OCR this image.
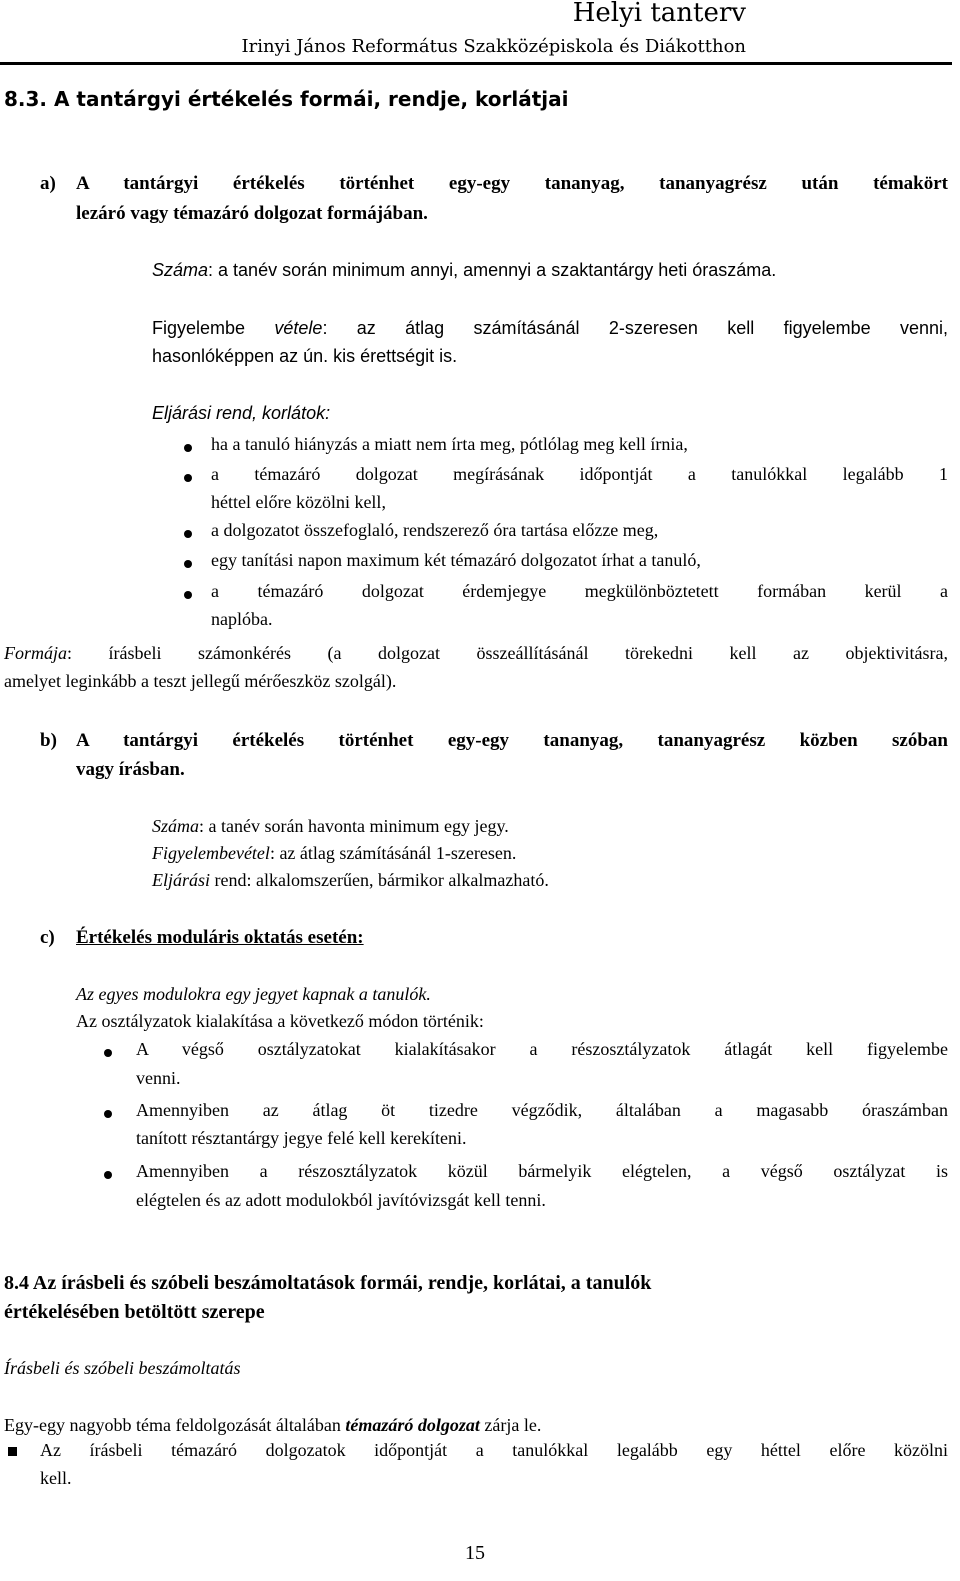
Helyi tanterv
Irinyi János Református Szakközépiskola és Diákotthon
8.3. A tantárgyi értékelés formái, rendje, korlátjai
a) A tantárgyi értékelés történhet egy-egy tananyag, tananyagrész után témakört
lezáró vagy témazáró dolgozat formájában.
Száma: a tanév során minimum annyi, amennyi a szaktantárgy heti óraszáma.
Figyelembe vétele: az átlag számításánál 2-szeresen kell figyelembe venni,
hasonlóképpen az ún. kis érettségit is.
Eljárási rend, korlátok:
ha a tanuló hiányzás a miatt nem írta meg, pótlólag meg kell írnia,
a témazáró dolgozat megírásának időpontját a tanulókkal legalább 1
héttel előre közölni kell,
a dolgozatot összefoglaló, rendszerező óra tartása előzze meg,
egy tanítási napon maximum két témazáró dolgozatot írhat a tanuló,
a témazáró dolgozat érdemjegye megkülönböztetett formában kerül a
naplóba.
Formája: írásbeli számonkérés (a dolgozat összeállításánál törekedni kell az objektivitásra,
amelyet leginkább a teszt jellegű mérőeszköz szolgál).
b) A tantárgyi értékelés történhet egy-egy tananyag, tananyagrész közben szóban
vagy írásban.
Száma: a tanév során havonta minimum egy jegy.
Figyelembevétel: az átlag számításánál 1-szeresen.
Eljárási rend: alkalomszerűen, bármikor alkalmazható.
c) Értékelés moduláris oktatás esetén:
Az egyes modulokra egy jegyet kapnak a tanulók.
Az osztályzatok kialakítása a következő módon történik:
A végső osztályzatokat kialakításakor a részosztályzatok átlagát kell figyelembe
venni.
Amennyiben az átlag öt tizedre végződik, általában a magasabb óraszámban
tanított résztantárgy jegye felé kell kerekíteni.
Amennyiben a részosztályzatok közül bármelyik elégtelen, a végső osztályzat is
elégtelen és az adott modulokból javítóvizsgát kell tenni.
8.4 Az írásbeli és szóbeli beszámoltatások formái, rendje, korlátai, a tanulók
értékelésében betöltött szerepe
Írásbeli és szóbeli beszámoltatás
Egy-egy nagyobb téma feldolgozását általában témazáró dolgozat zárja le.
Az írásbeli témazáró dolgozatok időpontját a tanulókkal legalább egy héttel előre közölni
kell.
15
